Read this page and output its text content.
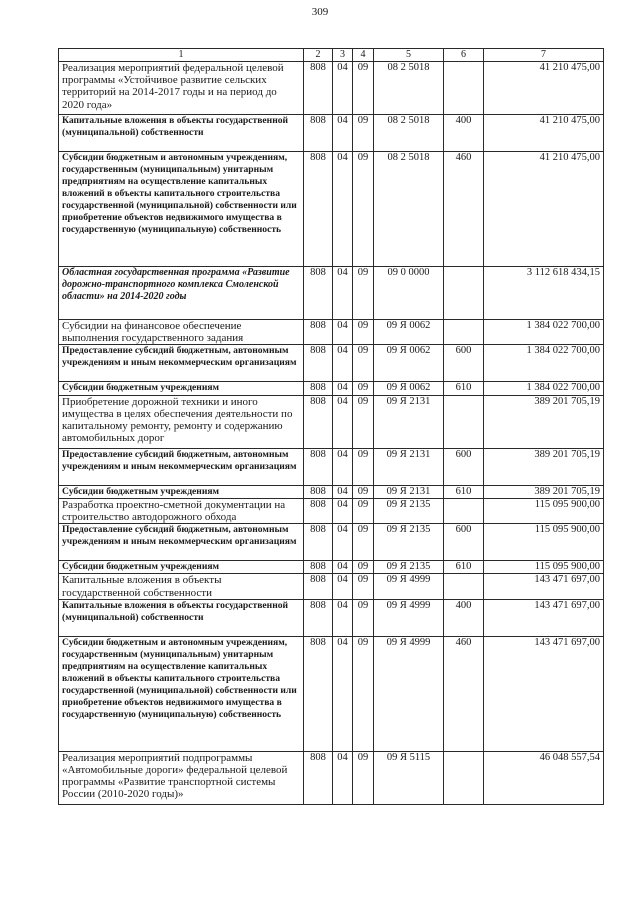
309
1	2	3	4	5	6	7
Реализация мероприятий федеральной целевой программы «Устойчивое развитие сельских территорий на 2014-2017 годы и на период до 2020 года»	808	04	09	08 2 5018		41 210 475,00
Капитальные вложения в объекты государственной (муниципальной) собственности	808	04	09	08 2 5018	400	41 210 475,00
Субсидии бюджетным и автономным учреждениям, государственным (муниципальным) унитарным предприятиям на осуществление капитальных вложений в объекты капитального строительства государственной (муниципальной) собственности или приобретение объектов недвижимого имущества в государственную (муниципальную) собственность	808	04	09	08 2 5018	460	41 210 475,00
Областная государственная программа «Развитие дорожно-транспортного комплекса Смоленской области» на 2014-2020 годы	808	04	09	09 0 0000		3 112 618 434,15
Субсидии на финансовое обеспечение выполнения государственного задания	808	04	09	09 Я 0062		1 384 022 700,00
Предоставление субсидий бюджетным, автономным учреждениям и иным некоммерческим организациям	808	04	09	09 Я 0062	600	1 384 022 700,00
Субсидии бюджетным учреждениям	808	04	09	09 Я 0062	610	1 384 022 700,00
Приобретение дорожной техники и иного имущества в целях обеспечения деятельности по капитальному ремонту, ремонту и содержанию автомобильных дорог	808	04	09	09 Я 2131		389 201 705,19
Предоставление субсидий бюджетным, автономным учреждениям и иным некоммерческим организациям	808	04	09	09 Я 2131	600	389 201 705,19
Субсидии бюджетным учреждениям	808	04	09	09 Я 2131	610	389 201 705,19
Разработка проектно-сметной документации на строительство автодорожного обхода	808	04	09	09 Я 2135		115 095 900,00
Предоставление субсидий бюджетным, автономным учреждениям и иным некоммерческим организациям	808	04	09	09 Я 2135	600	115 095 900,00
Субсидии бюджетным учреждениям	808	04	09	09 Я 2135	610	115 095 900,00
Капитальные вложения в объекты государственной собственности	808	04	09	09 Я 4999		143 471 697,00
Капитальные вложения в объекты государственной (муниципальной) собственности	808	04	09	09 Я 4999	400	143 471 697,00
Субсидии бюджетным и автономным учреждениям, государственным (муниципальным) унитарным предприятиям на осуществление капитальных вложений в объекты капитального строительства государственной (муниципальной) собственности или приобретение объектов недвижимого имущества в государственную (муниципальную) собственность	808	04	09	09 Я 4999	460	143 471 697,00
Реализация мероприятий подпрограммы «Автомобильные дороги» федеральной целевой программы «Развитие транспортной системы России (2010-2020 годы)»	808	04	09	09 Я 5115		46 048 557,54
